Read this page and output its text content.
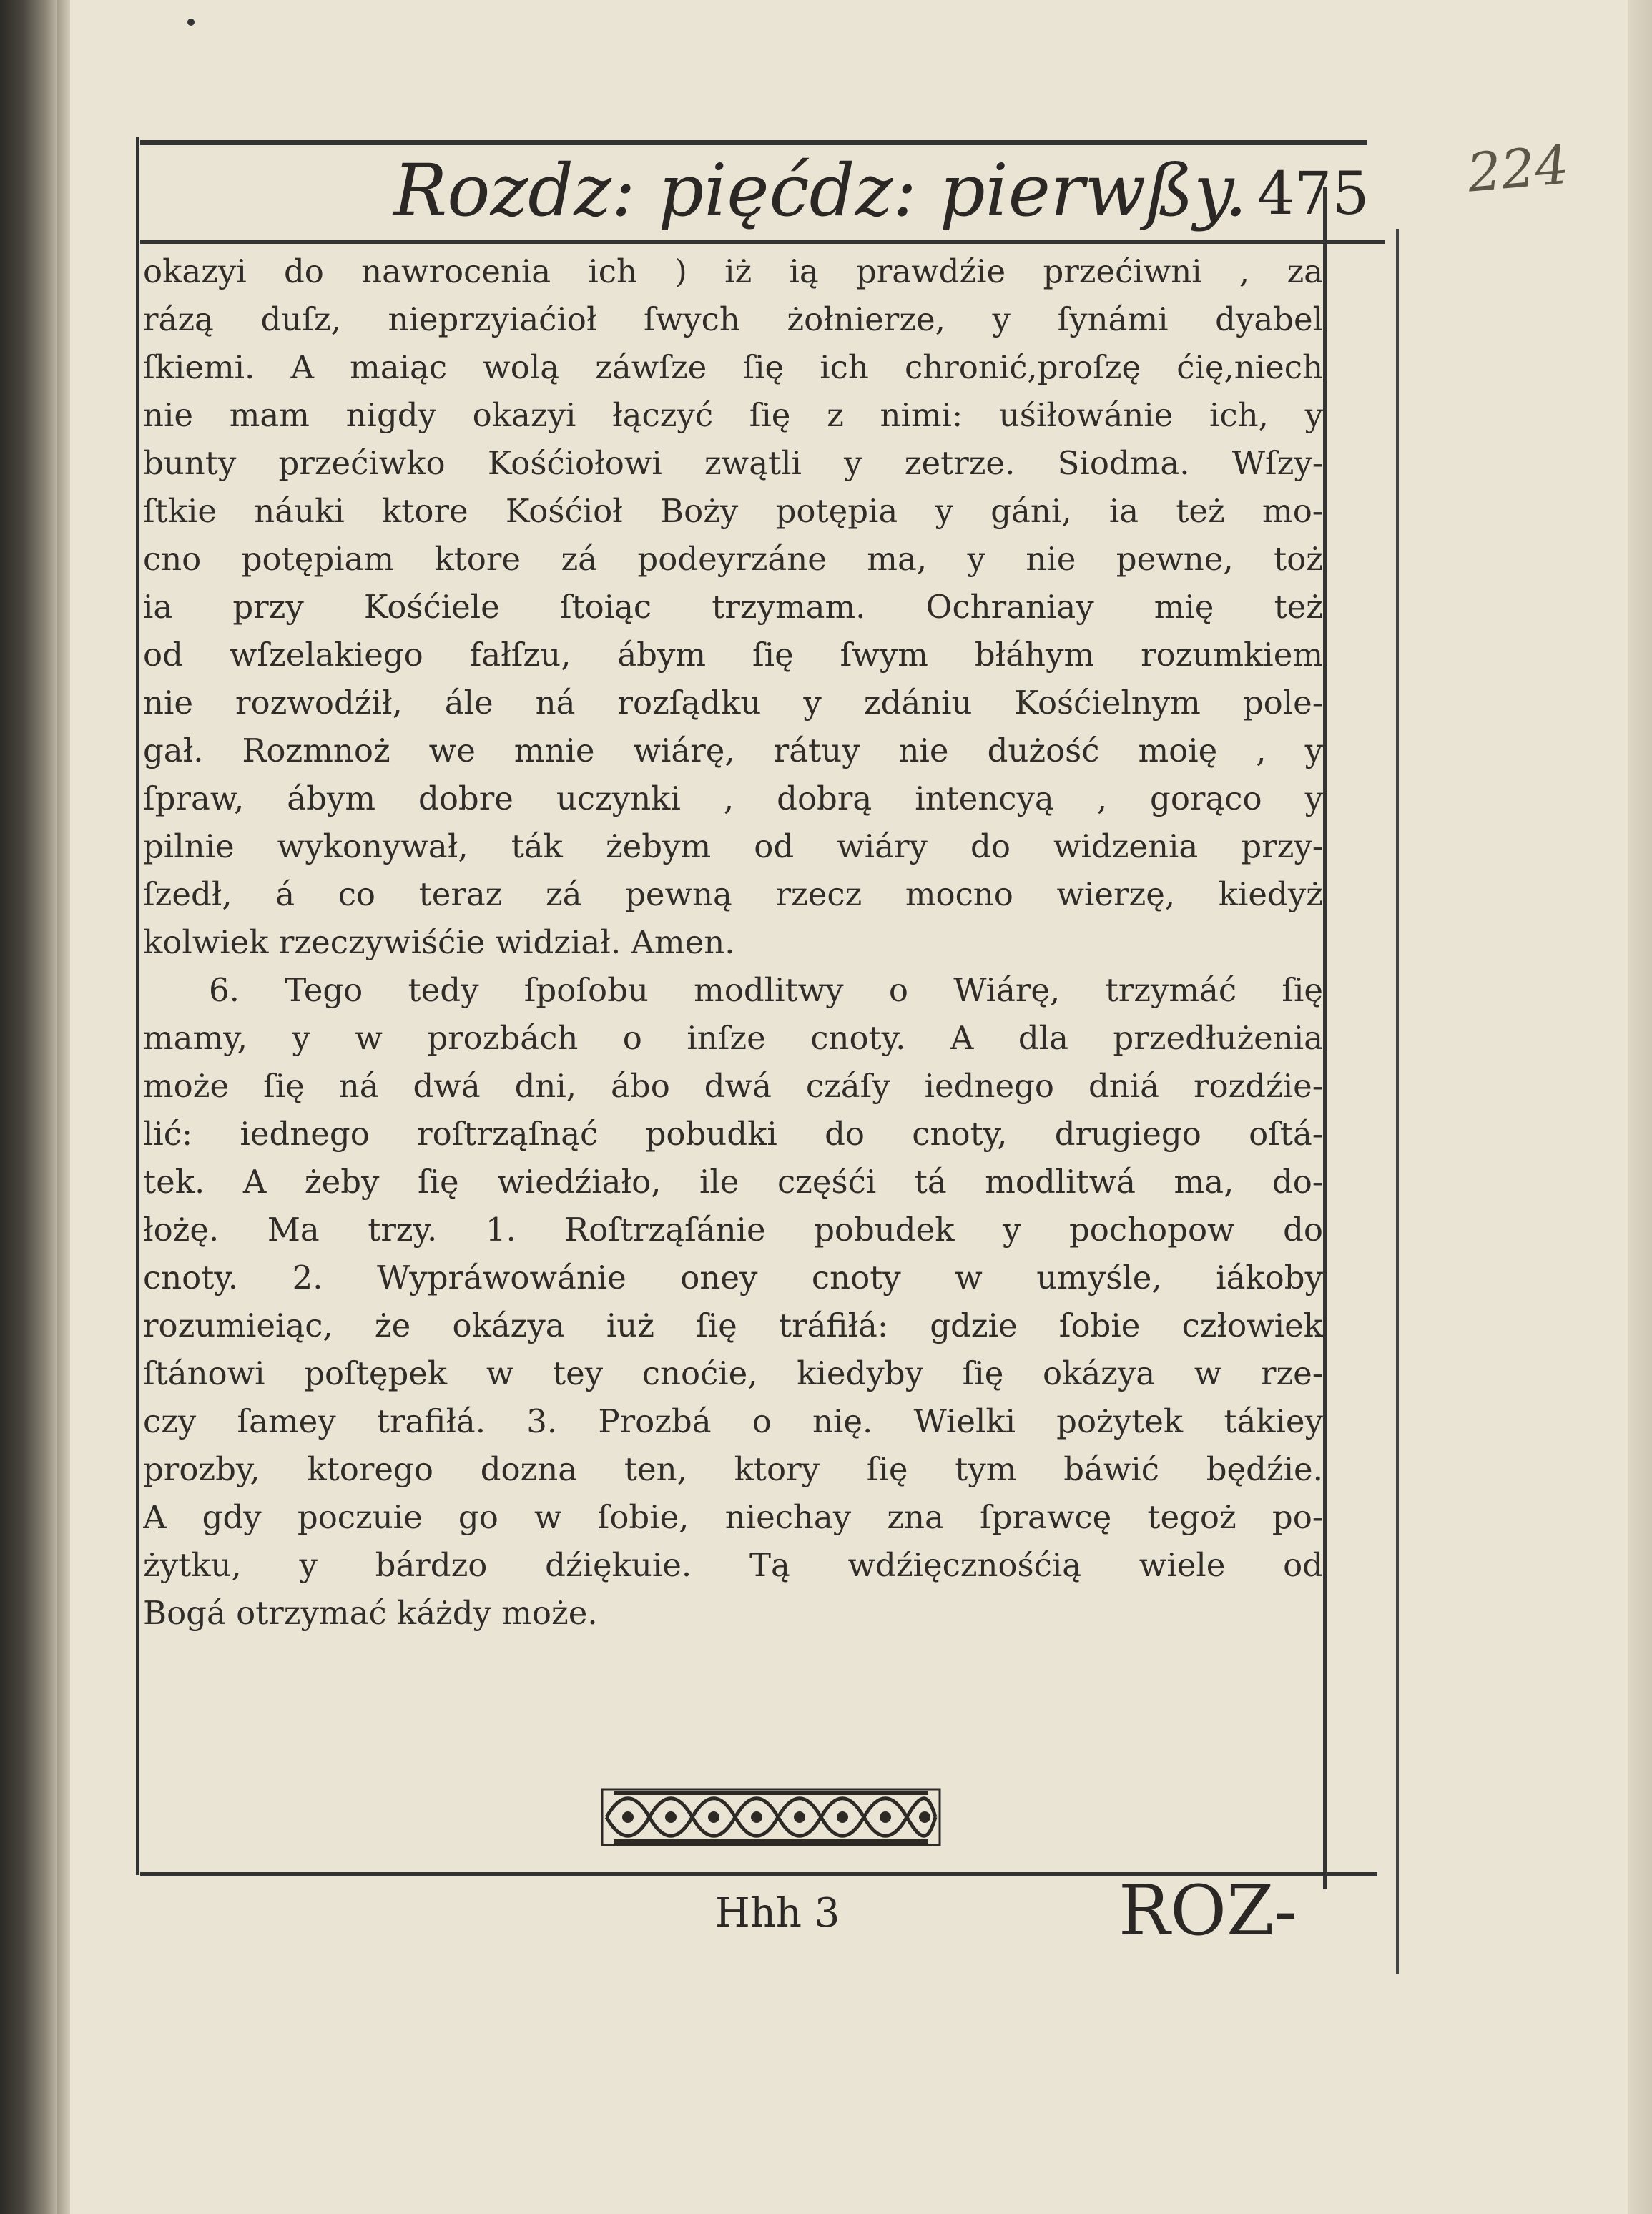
Rozdz: pięćdz: pierwßy. 475	224
okazyi do nawrocenia ich ) iż ią prawdźie przećiwni , za
rázą duſz, nieprzyiaćioł ſwych żołnierze, y ſynámi dyabel
ſkiemi. A maiąc wolą záwſze ſię ich chronić,proſzę ćię,niech
nie mam nigdy okazyi łączyć ſię z nimi: uśiłowánie ich, y
bunty przećiwko Kośćiołowi zwątli y zetrze. Siodma. Wſzy-
ſtkie náuki ktore Kośćioł Boży potępia y gáni, ia też mo-
cno potępiam ktore zá podeyrzáne ma, y nie pewne, toż
ia przy Kośćiele ſtoiąc trzymam. Ochraniay mię też
od wſzelakiego fałſzu, ábym ſię ſwym błáhym rozumkiem
nie rozwodźił, ále ná rozſądku y zdániu Kośćielnym pole-
gał. Rozmnoż we mnie wiárę, rátuy nie dużość moię , y
ſpraw, ábym dobre uczynki , dobrą intencyą , gorąco y
pilnie wykonywał, ták żebym od wiáry do widzenia przy-
ſzedł, á co teraz zá pewną rzecz mocno wierzę, kiedyż
kolwiek rzeczywiśćie widział. Amen.
6. Tego tedy ſpoſobu modlitwy o Wiárę, trzymáć ſię
mamy, y w prozbách o inſze cnoty. A dla przedłużenia
może ſię ná dwá dni, ábo dwá czáſy iednego dniá rozdźie-
lić: iednego roſtrząſnąć pobudki do cnoty, drugiego oſtá-
tek. A żeby ſię wiedźiało, ile częśći tá modlitwá ma, do-
łożę. Ma trzy. 1. Roſtrząſánie pobudek y pochopow do
cnoty. 2. Wypráwowánie oney cnoty w umyśle, iákoby
rozumieiąc, że okázya iuż ſię tráfiłá: gdzie ſobie człowiek
ſtánowi poſtępek w tey cnoćie, kiedyby ſię okázya w rze-
czy ſamey trafiłá. 3. Prozbá o nię. Wielki pożytek tákiey
prozby, ktorego dozna ten, ktory ſię tym báwić będźie.
A gdy poczuie go w ſobie, niechay zna ſprawcę tegoż po-
żytku, y bárdzo dźiękuie. Tą wdźięcznośćią wiele od
Bogá otrzymać káżdy może.
Hhh 3	ROZ-
